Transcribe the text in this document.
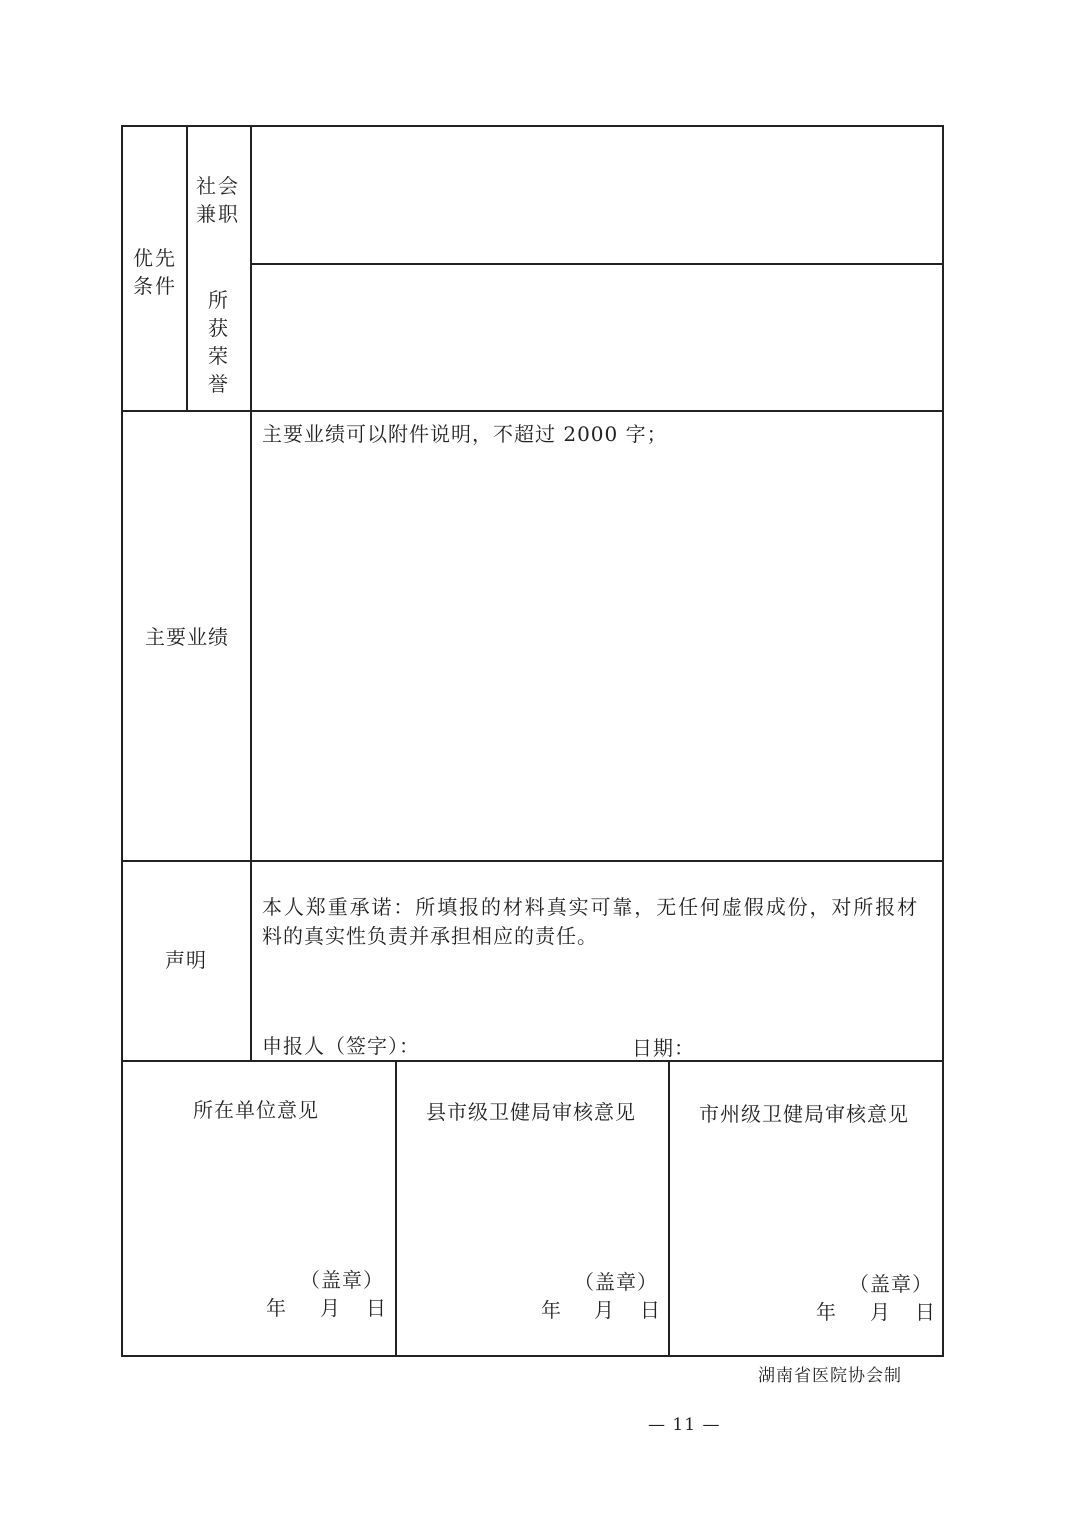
优先条件
社会兼职
所获荣誉
主要业绩
主要业绩可以附件说明，不超过 2000 字；
声明
本人郑重承诺：所填报的材料真实可靠，无任何虚假成份，对所报材
料的真实性负责并承担相应的责任。
申报人（签字）：	日期：
所在单位意见
（盖章）
年 月 日
县市级卫健局审核意见
（盖章）
年 月 日
市州级卫健局审核意见
（盖章）
年 月 日
湖南省医院协会制
— 11 —
